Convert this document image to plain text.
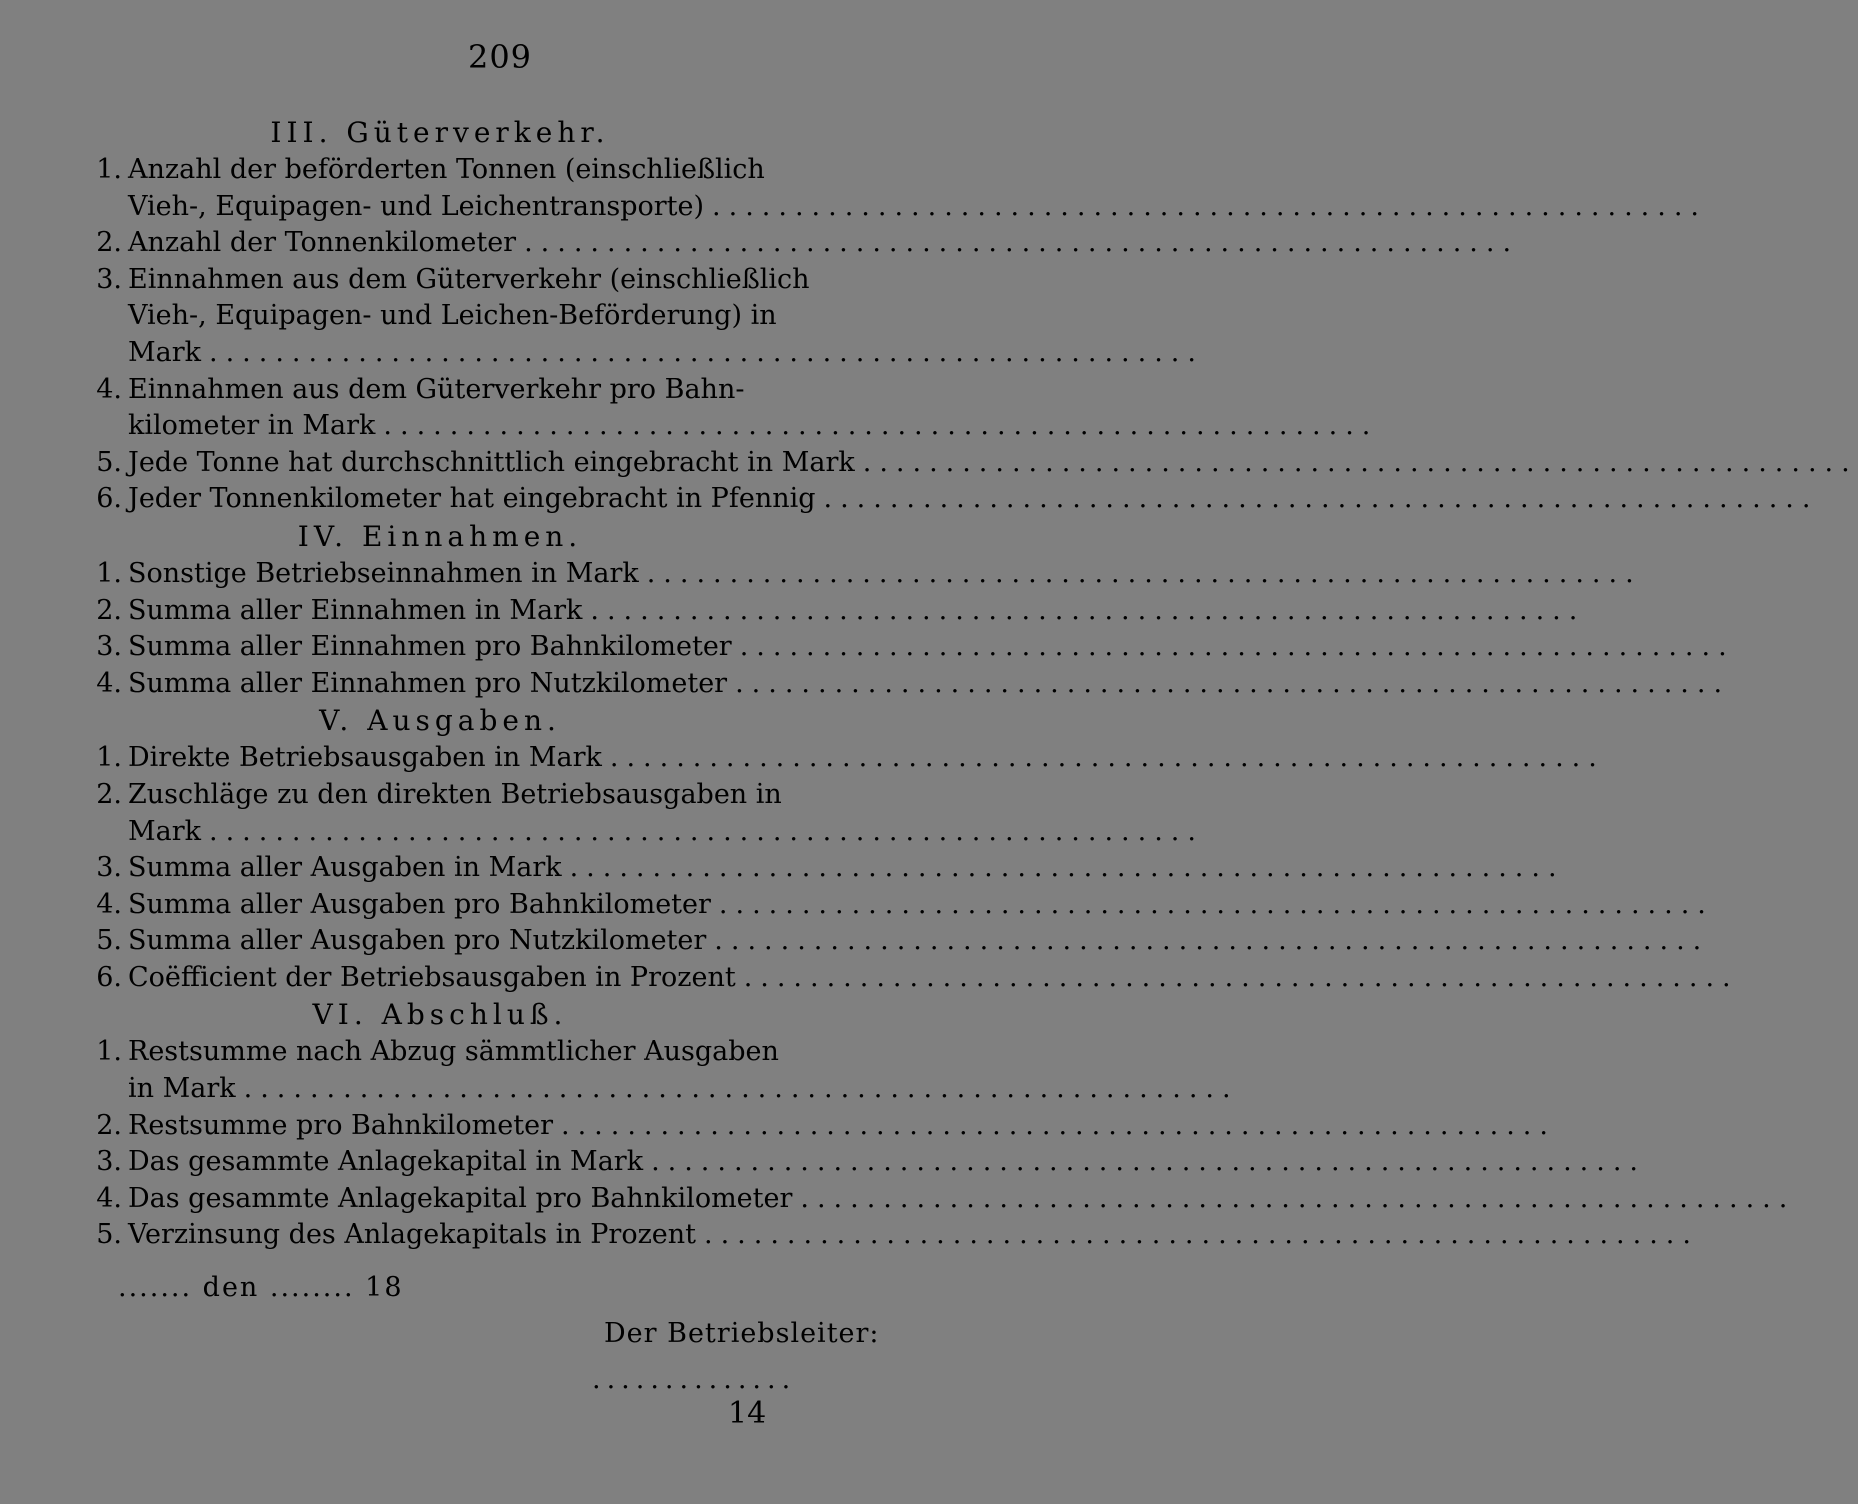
209
III. Güterverkehr.
1. Anzahl der beförderten Tonnen (einschließlich
Vieh-, Equipagen- und Leichentransporte) ............................................................
2. Anzahl der Tonnenkilometer ............................................................
3. Einnahmen aus dem Güterverkehr (einschließlich
Vieh-, Equipagen- und Leichen-Beförderung) in
Mark ............................................................
4. Einnahmen aus dem Güterverkehr pro Bahn-
kilometer in Mark ............................................................
5. Jede Tonne hat durchschnittlich eingebracht in Mark ............................................................
6. Jeder Tonnenkilometer hat eingebracht in Pfennig ............................................................
IV. Einnahmen.
1. Sonstige Betriebseinnahmen in Mark ............................................................
2. Summa aller Einnahmen in Mark ............................................................
3. Summa aller Einnahmen pro Bahnkilometer ............................................................
4. Summa aller Einnahmen pro Nutzkilometer ............................................................
V. Ausgaben.
1. Direkte Betriebsausgaben in Mark ............................................................
2. Zuschläge zu den direkten Betriebsausgaben in
Mark ............................................................
3. Summa aller Ausgaben in Mark ............................................................
4. Summa aller Ausgaben pro Bahnkilometer ............................................................
5. Summa aller Ausgaben pro Nutzkilometer ............................................................
6. Coëfficient der Betriebsausgaben in Prozent ............................................................
VI. Abschluß.
1. Restsumme nach Abzug sämmtlicher Ausgaben
in Mark ............................................................
2. Restsumme pro Bahnkilometer ............................................................
3. Das gesammte Anlagekapital in Mark ............................................................
4. Das gesammte Anlagekapital pro Bahnkilometer ............................................................
5. Verzinsung des Anlagekapitals in Prozent ............................................................
....... den ........ 18
Der Betriebsleiter:
..............
14
